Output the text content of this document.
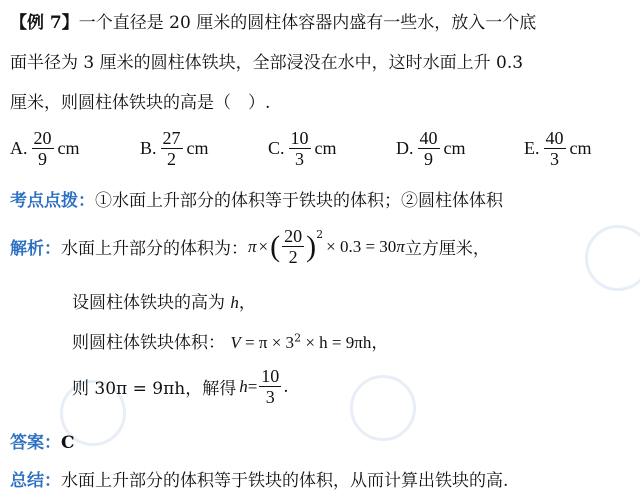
【例 7】一个直径是 20 厘米的圆柱体容器内盛有一些水，放入一个底
面半径为 3 厘米的圆柱体铁块，全部浸没在水中，这时水面上升 0.3
厘米，则圆柱体铁块的高是（　）.
A. $\frac{20}{9}$ cm	B. $\frac{27}{2}$ cm	C. $\frac{10}{3}$ cm	D. $\frac{40}{9}$ cm	E. $\frac{40}{3}$ cm
考点点拨：①水面上升部分的体积等于铁块的体积；②圆柱体体积
解析： 水面上升部分的体积为： π × ( $\frac{20}{2}$ ) 2
× 0.3 = 30 π 立方厘米，
设圆柱体铁块的高为 h，
则圆柱体铁块体积： $V = \pi \times 3^2 \times h = 9\pi h$，
则 30π = 9πh，解得 $h = \frac{10}{3}$ .
答案：C
总结：水面上升部分的体积等于铁块的体积，从而计算出铁块的高.
